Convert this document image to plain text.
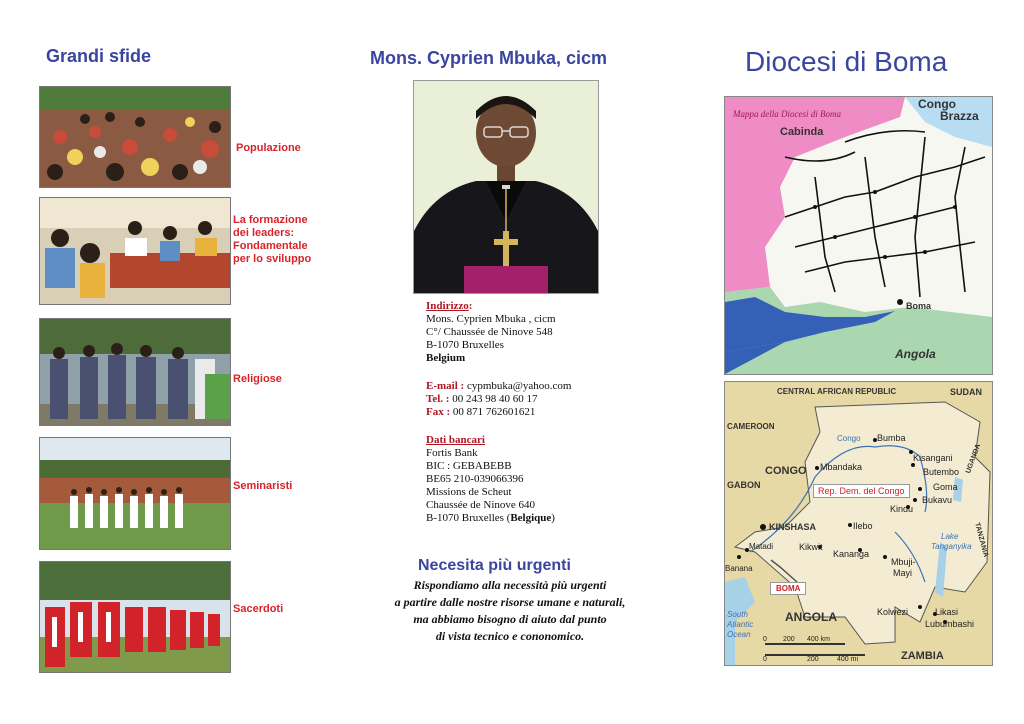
Grandi sfide
Populazione
La formazione
dei leaders:
Fondamentale
per lo sviluppo
Religiose
Seminaristi
Sacerdoti
Mons. Cyprien Mbuka, cicm
Indirizzo:
Mons. Cyprien Mbuka , cicm
C°/ Chaussée de Ninove 548
B-1070 Bruxelles
Belgium
E-mail : cypmbuka@yahoo.com
Tel. : 00 243 98 40 60 17
Fax : 00 871 762601621
Dati bancari
Fortis Bank
BIC : GEBABEBB
BE65 210-039066396
Missions de Scheut
Chaussée de Ninove 640
B-1070 Bruxelles (Belgique)
Necesita più urgenti
Rispondiamo alla necessità più urgenti
a partire dalle nostre risorse umane e naturali,
ma abbiamo bisogno di aiuto dal punto
di vista tecnico e cononomico.
Diocesi di Boma
Mappa della Diocesi di Boma
Congo
Brazza
Cabinda
Boma
Angola
CENTRAL AFRICAN REPUBLIC	SUDAN
CAMEROON
Congo Bumba
Kisangani
Butembo
Mbandaka
CONGO
GABON	Goma
Bukavu
UGANDA
Kindu
KINSHASA	Ilebo
Matadi	Kikwit
Banana
Kananga
Mbuji-
Mayi
Lake
Tanganyika TANZANIA
Kolwezi	Likasi
Lubumbashi
ANGOLA
South
Atlantic
Ocean
ZAMBIA
0 200 400 km
0	200	400 mi
Rep. Dem. del Congo
BOMA
